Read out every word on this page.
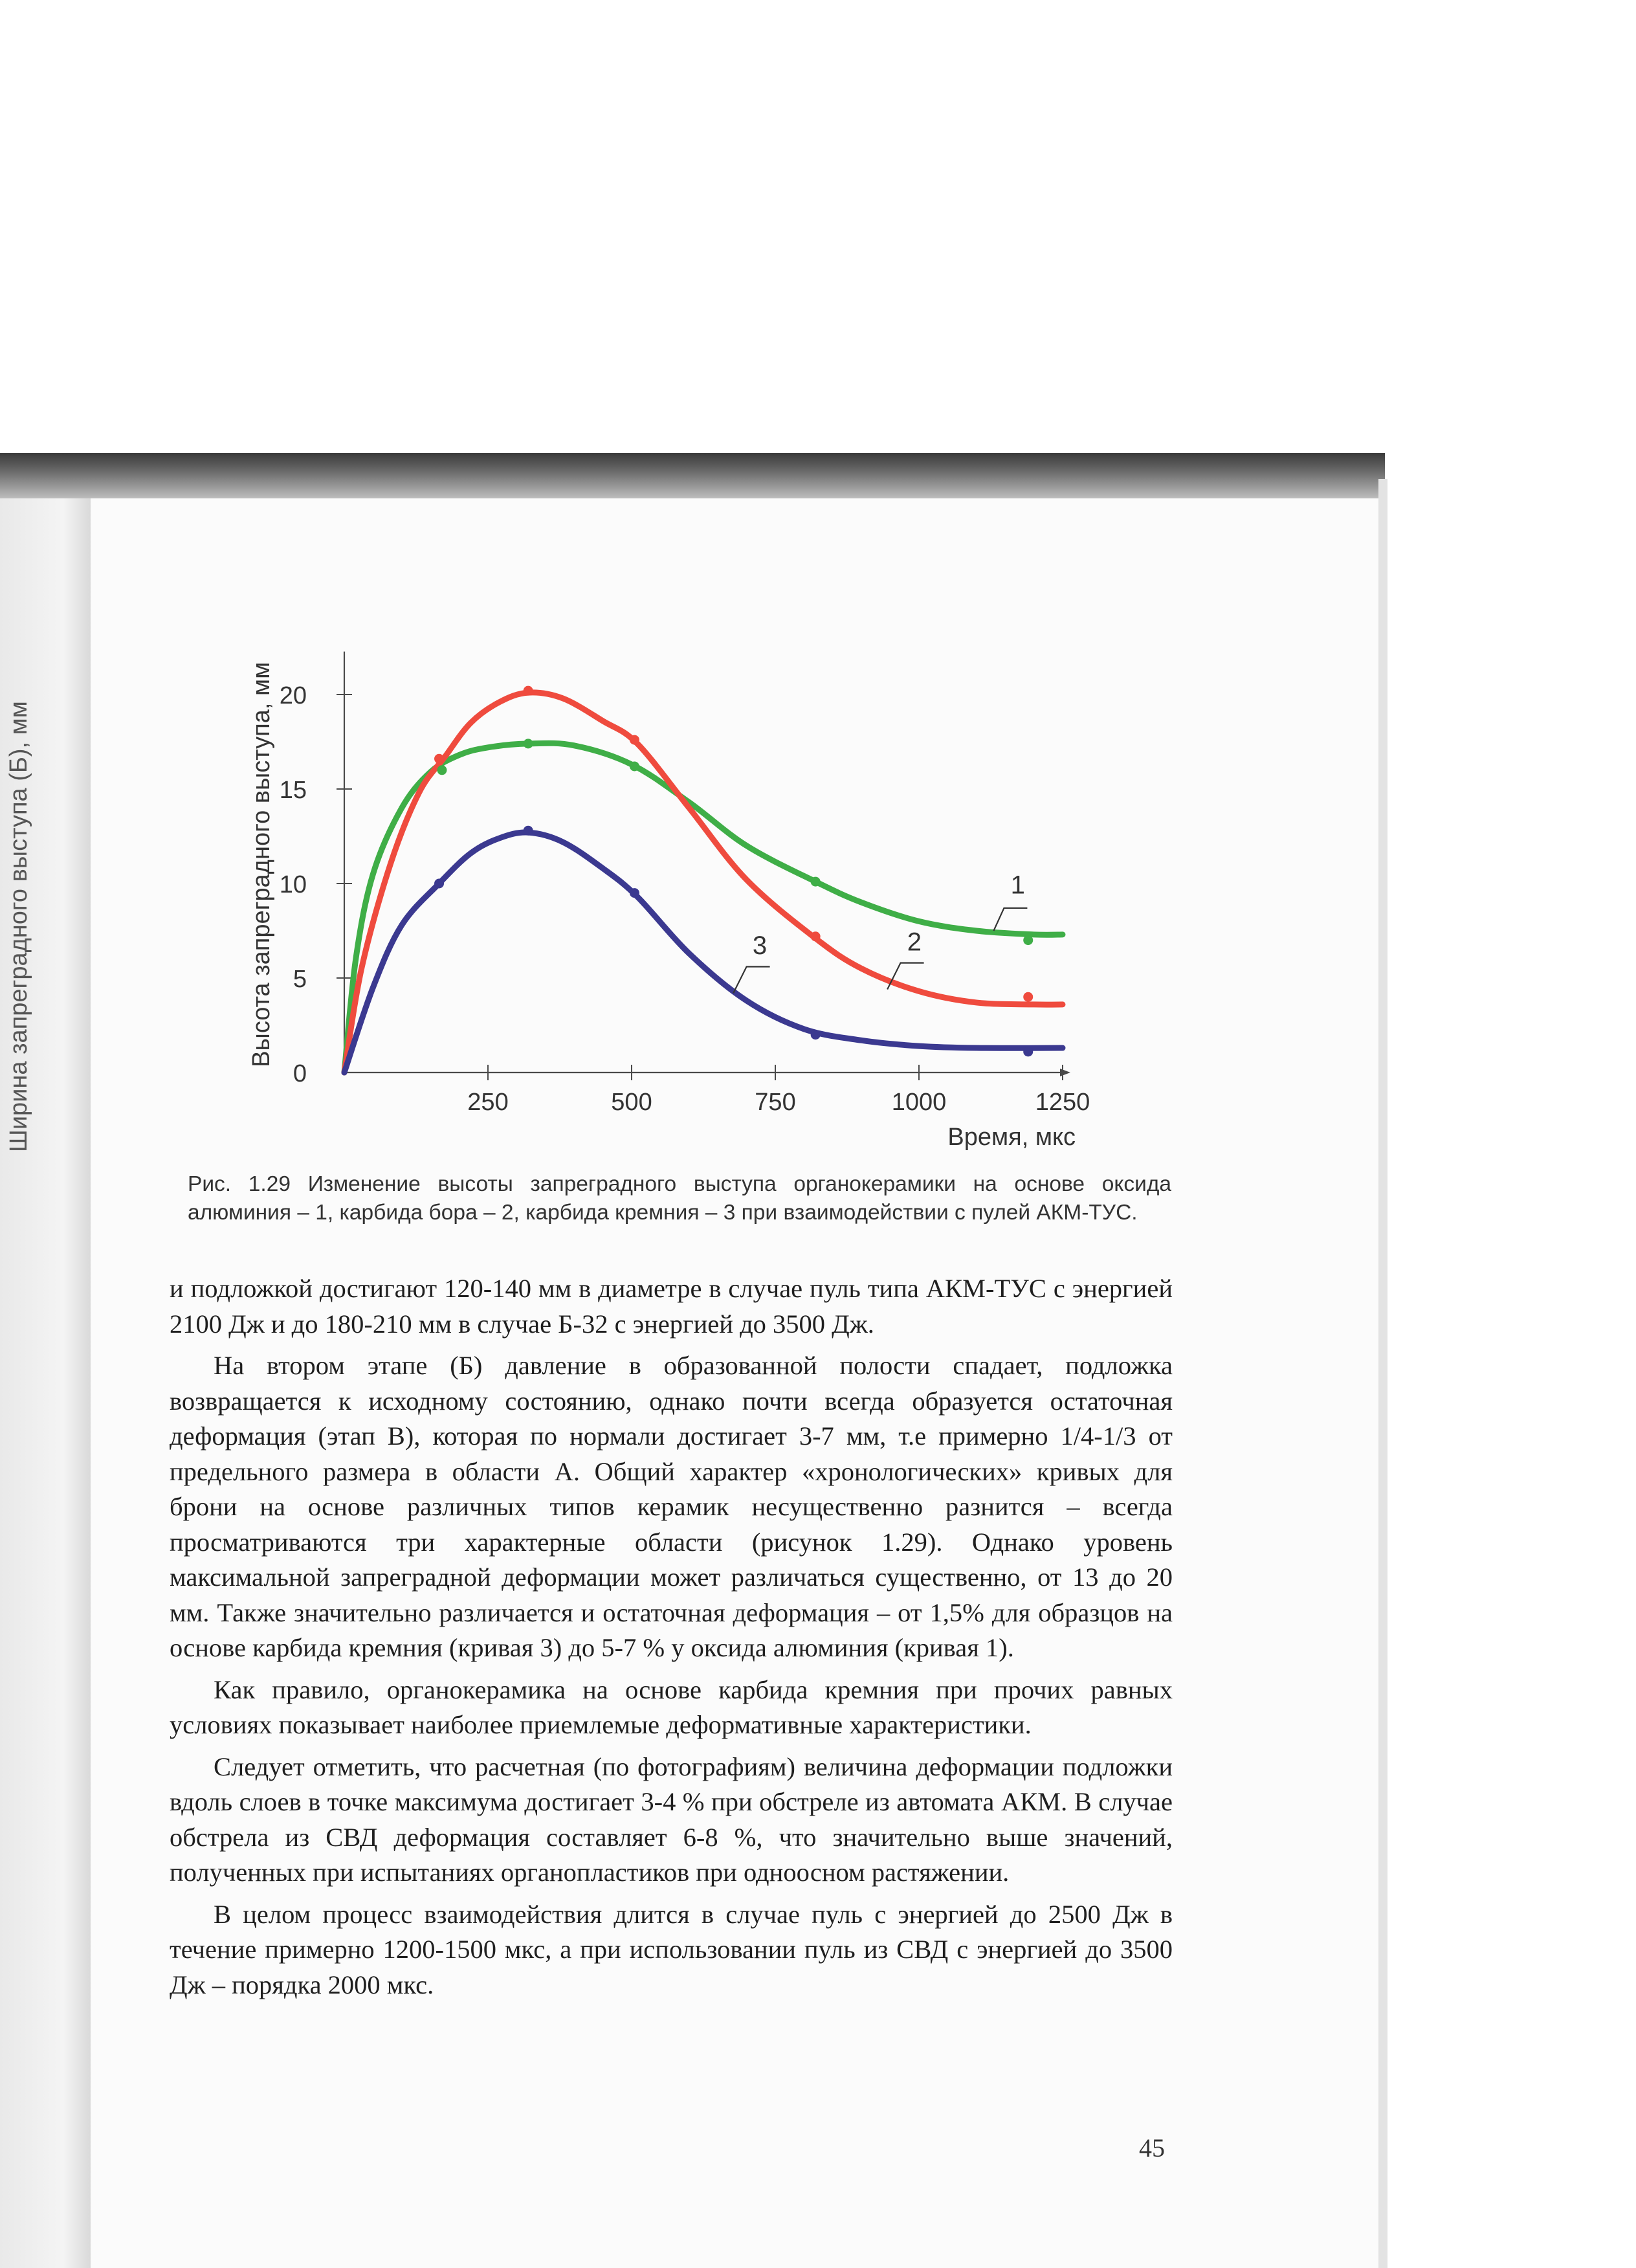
Ширина запреградного выступа (Б), мм	250	500	750	1000	1250
0
5
10
15
20
Время, мкс
Высота запреградного выступа, мм	1
2
3
Рис. 1.29 Изменение высоты запреградного выступа органокерамики на основе оксида алюминия – 1, карбида бора – 2, карбида кремния – 3 при взаимодействии с пулей АКМ-ТУС.

и подложкой достигают 120-140 мм в диаметре в случае пуль типа АКМ-ТУС с энергией 2100 Дж и до 180-210 мм в случае Б-32 с энергией до 3500 Дж.

На втором этапе (Б) давление в образованной полости спадает, подложка возвращается к исходному состоянию, однако почти всегда образуется остаточная деформация (этап В), которая по нормали достигает 3-7 мм, т.е примерно 1/4-1/3 от предельного размера в области А. Общий характер «хронологических» кривых для брони на основе различных типов керамик несущественно разнится – всегда просматриваются три характерные области (рисунок 1.29). Однако уровень максимальной запреградной деформации может различаться существенно, от 13 до 20 мм. Также значительно различается и остаточная деформация – от 1,5% для образцов на основе карбида кремния (кривая 3) до 5-7 % у оксида алюминия (кривая 1).

Как правило, органокерамика на основе карбида кремния при прочих равных условиях показывает наиболее приемлемые деформативные характеристики.

Следует отметить, что расчетная (по фотографиям) величина деформации подложки вдоль слоев в точке максимума достигает 3-4 % при обстреле из автомата АКМ. В случае обстрела из СВД деформация составляет 6-8 %, что значительно выше значений, полученных при испытаниях органопластиков при одноосном растяжении.

В целом процесс взаимодействия длится в случае пуль с энергией до 2500 Дж в течение примерно 1200-1500 мкс, а при использовании пуль из СВД с энергией до 3500 Дж – порядка 2000 мкс.

45
